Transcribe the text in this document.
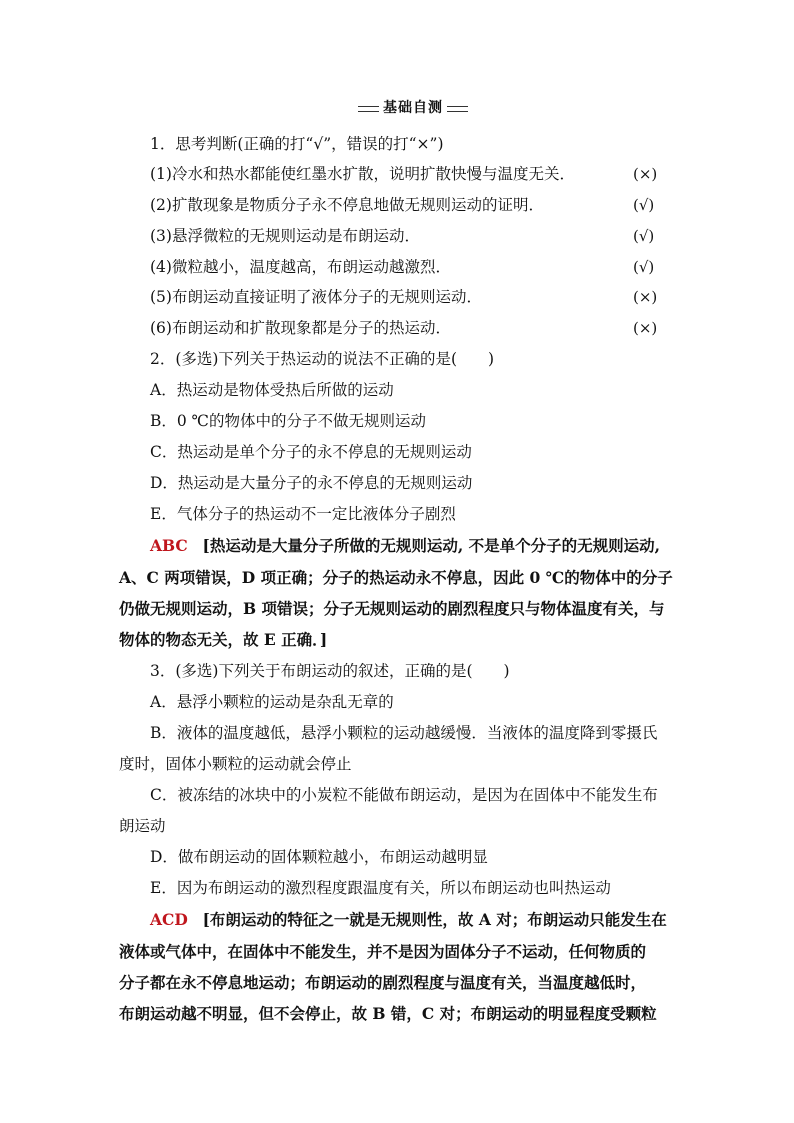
基础自测
1．思考判断(正确的打“√”，错误的打“×”)
(1)冷水和热水都能使红墨水扩散，说明扩散快慢与温度无关．	(×)
(2)扩散现象是物质分子永不停息地做无规则运动的证明．	(√)
(3)悬浮微粒的无规则运动是布朗运动．	(√)
(4)微粒越小，温度越高，布朗运动越激烈．	(√)
(5)布朗运动直接证明了液体分子的无规则运动．	(×)
(6)布朗运动和扩散现象都是分子的热运动．	(×)
2．(多选)下列关于热运动的说法不正确的是(　　)
A．热运动是物体受热后所做的运动
B．0 ℃的物体中的分子不做无规则运动
C．热运动是单个分子的永不停息的无规则运动
D．热运动是大量分子的永不停息的无规则运动
E．气体分子的热运动不一定比液体分子剧烈
ABC [热运动是大量分子所做的无规则运动, 不是单个分子的无规则运动,
A、C 两项错误，D 项正确；分子的热运动永不停息，因此 0 ℃的物体中的分子
仍做无规则运动，B 项错误；分子无规则运动的剧烈程度只与物体温度有关，与
物体的物态无关，故 E 正确．]
3．(多选)下列关于布朗运动的叙述，正确的是(　　)
A．悬浮小颗粒的运动是杂乱无章的
B．液体的温度越低，悬浮小颗粒的运动越缓慢．当液体的温度降到零摄氏
度时，固体小颗粒的运动就会停止
C．被冻结的冰块中的小炭粒不能做布朗运动，是因为在固体中不能发生布
朗运动
D．做布朗运动的固体颗粒越小，布朗运动越明显
E．因为布朗运动的激烈程度跟温度有关，所以布朗运动也叫热运动
ACD [布朗运动的特征之一就是无规则性，故 A 对；布朗运动只能发生在
液体或气体中，在固体中不能发生，并不是因为固体分子不运动，任何物质的
分子都在永不停息地运动；布朗运动的剧烈程度与温度有关，当温度越低时，
布朗运动越不明显，但不会停止，故 B 错，C 对；布朗运动的明显程度受颗粒
